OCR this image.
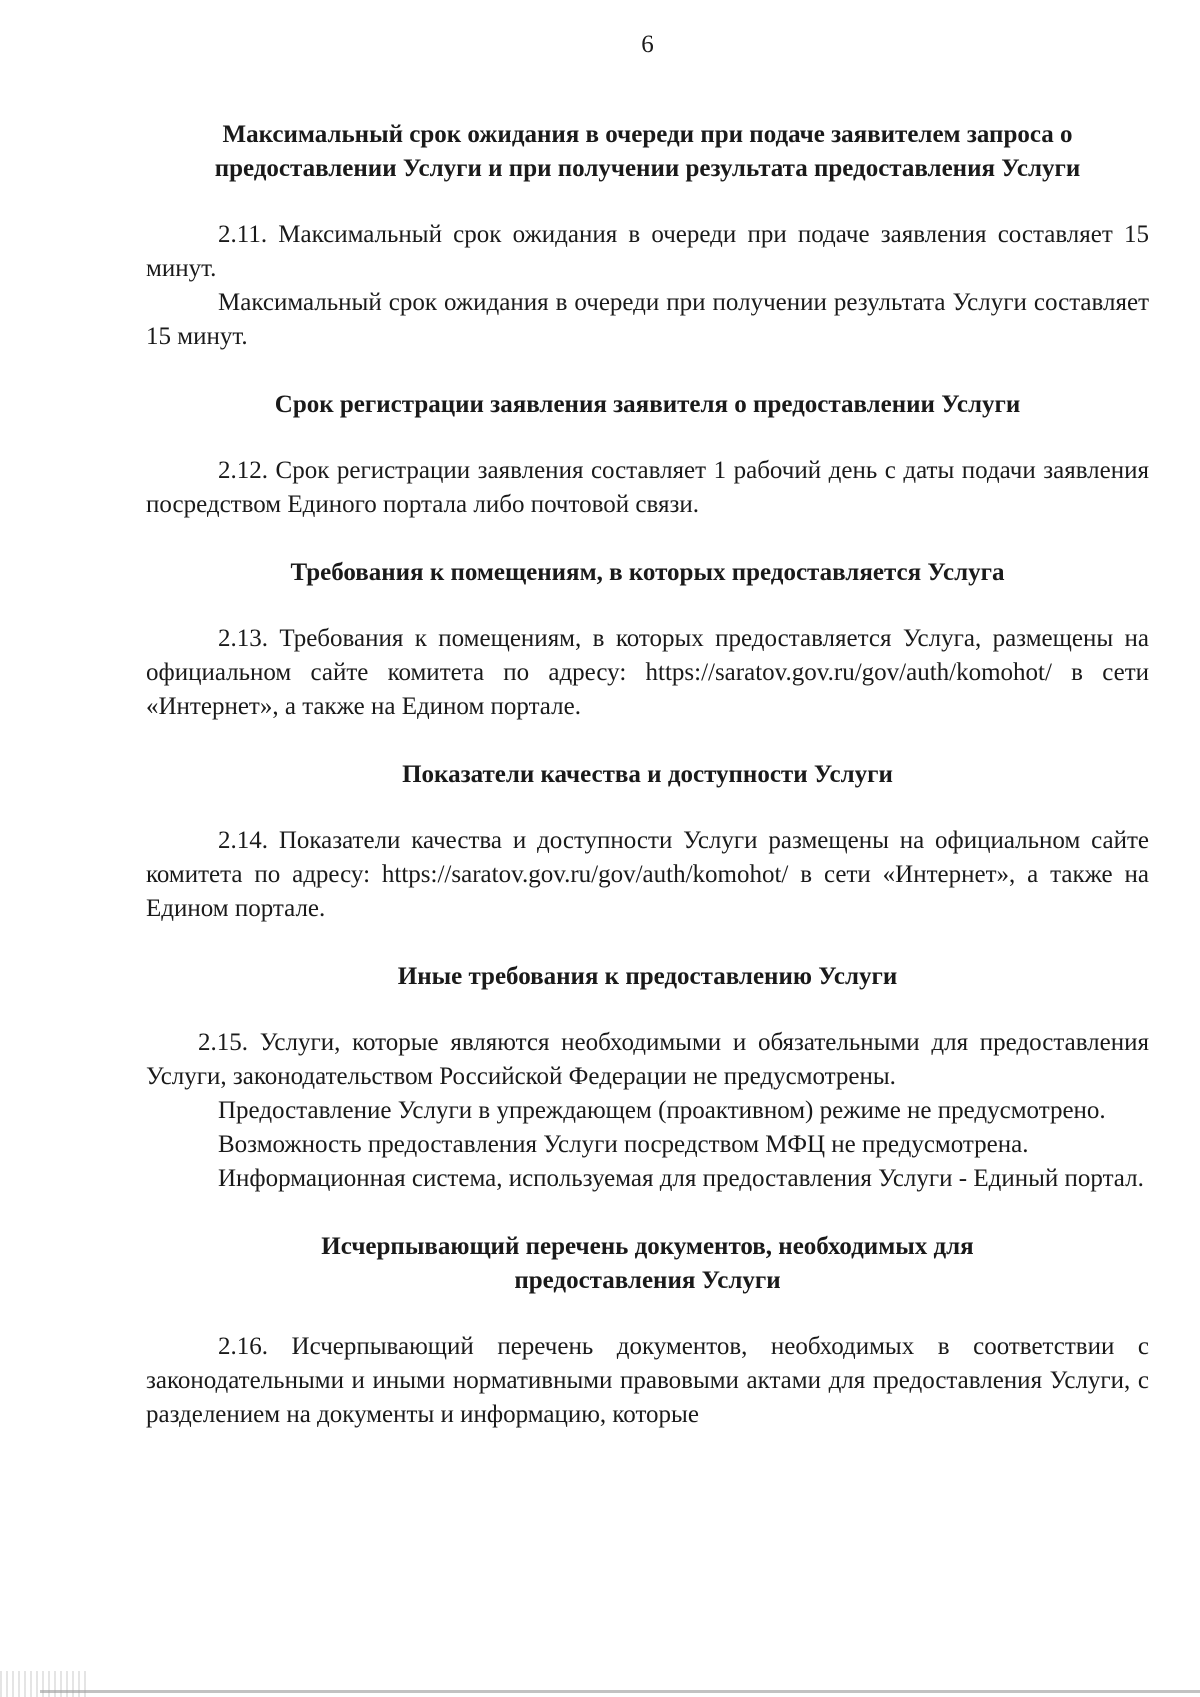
6
Максимальный срок ожидания в очереди при подаче заявителем запроса о
предоставлении Услуги и при получении результата предоставления Услуги

2.11. Максимальный срок ожидания в очереди при подаче заявления составляет 15 минут.

Максимальный срок ожидания в очереди при получении результата Услуги составляет 15 минут.

Срок регистрации заявления заявителя о предоставлении Услуги

2.12. Срок регистрации заявления составляет 1 рабочий день с даты подачи заявления посредством Единого портала либо почтовой связи.

Требования к помещениям, в которых предоставляется Услуга

2.13. Требования к помещениям, в которых предоставляется Услуга, размещены на официальном сайте комитета по адресу: https://saratov.gov.ru/gov/auth/komohot/ в сети «Интернет», а также на Едином портале.

Показатели качества и доступности Услуги

2.14. Показатели качества и доступности Услуги размещены на официальном сайте комитета по адресу: https://saratov.gov.ru/gov/auth/komohot/ в сети «Интернет», а также на Едином портале.

Иные требования к предоставлению Услуги

2.15. Услуги, которые являются необходимыми и обязательными для предоставления Услуги, законодательством Российской Федерации не предусмотрены.

Предоставление Услуги в упреждающем (проактивном) режиме не предусмотрено.

Возможность предоставления Услуги посредством МФЦ не предусмотрена.

Информационная система, используемая для предоставления Услуги - Единый портал.

Исчерпывающий перечень документов, необходимых для
предоставления Услуги

2.16. Исчерпывающий перечень документов, необходимых в соответствии с законодательными и иными нормативными правовыми актами для предоставления Услуги, с разделением на документы и информацию, которые
